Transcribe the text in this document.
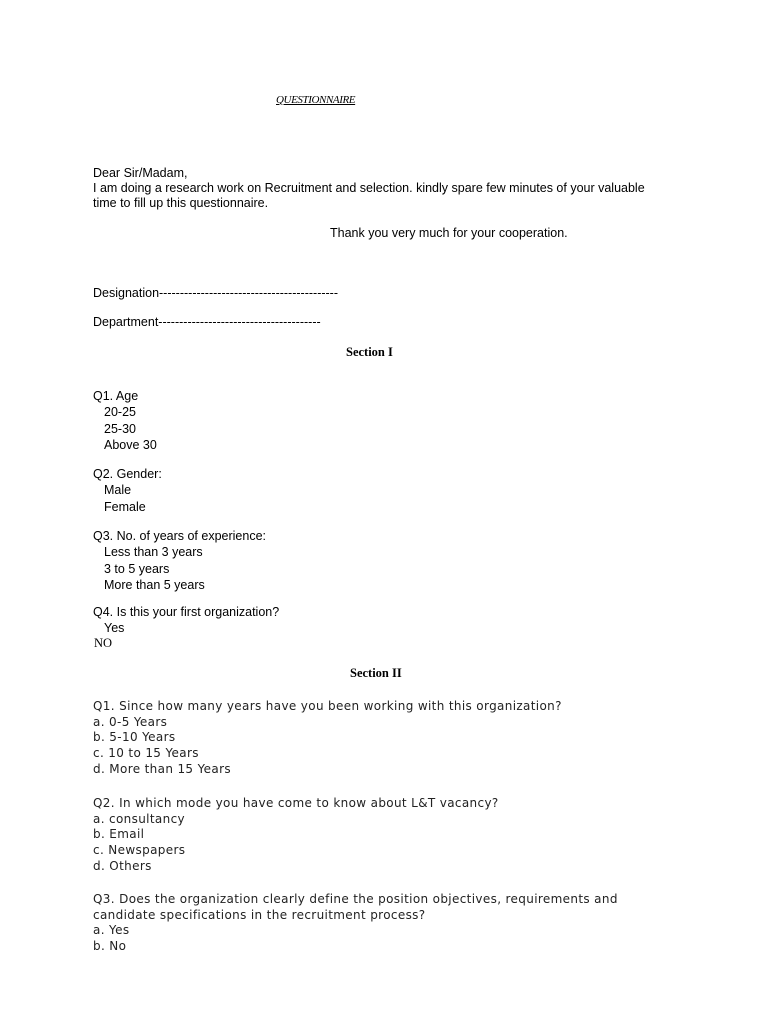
QUESTIONNAIRE
Dear Sir/Madam,
I am doing a research work on Recruitment and selection. kindly spare few minutes of your valuable
time to fill up this questionnaire.
Thank you very much for your cooperation.
Designation-------------------------------------------
Department---------------------------------------
Section I
Q1. Age
20-25
25-30
Above 30
Q2. Gender:
Male
Female
Q3. No. of years of experience:
Less than 3 years
3 to 5 years
More than 5 years
Q4. Is this your first organization?
Yes
NO
Section II
Q1. Since how many years have you been working with this organization?
a. 0-5 Years
b. 5-10 Years
c. 10 to 15 Years
d. More than 15 Years
Q2. In which mode you have come to know about L&T vacancy?
a. consultancy
b. Email
c. Newspapers
d. Others
Q3. Does the organization clearly define the position objectives, requirements and
candidate specifications in the recruitment process?
a. Yes
b. No
